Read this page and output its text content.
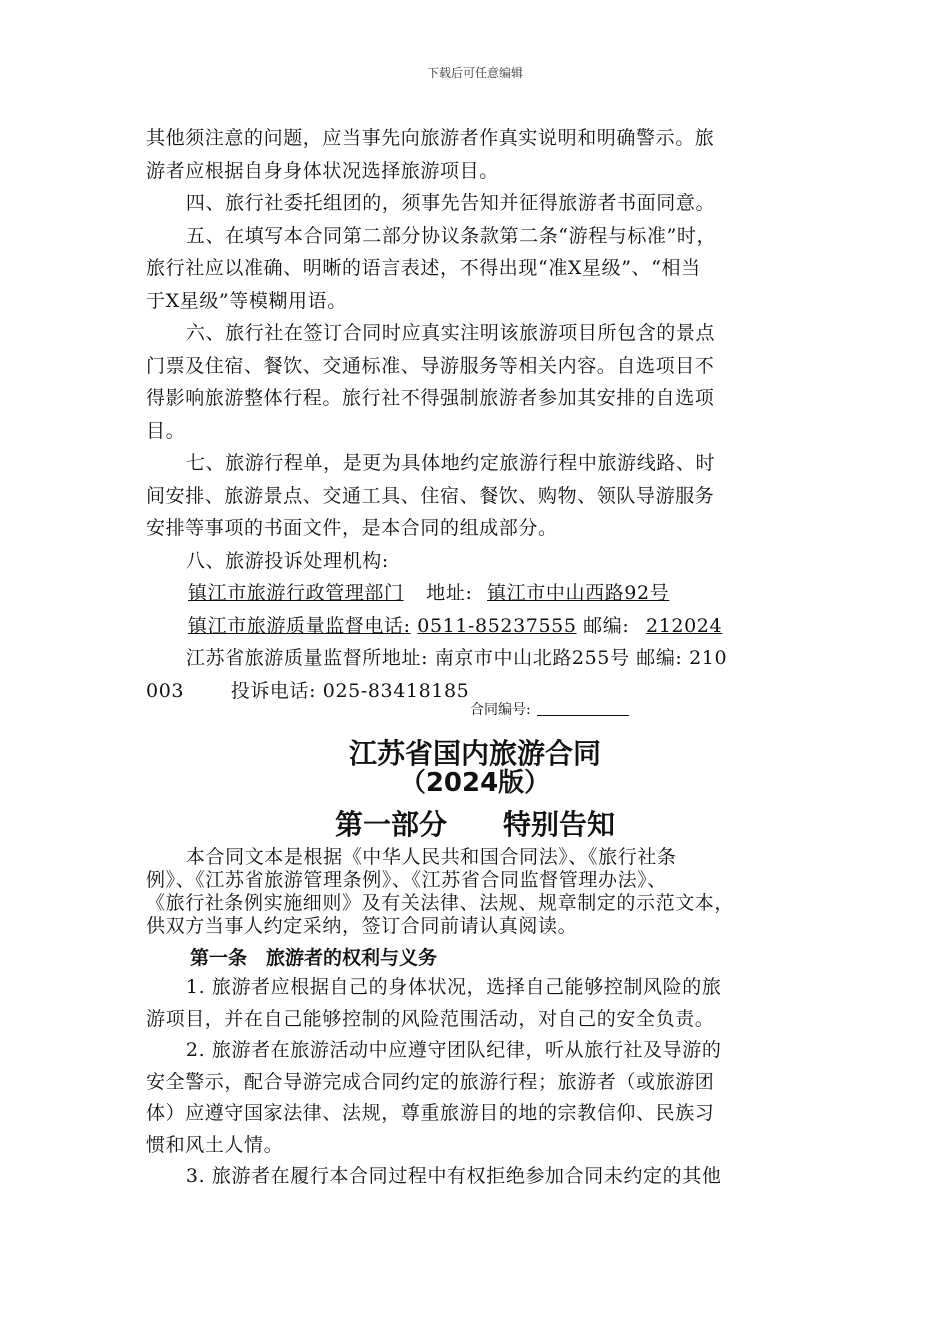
下载后可任意编辑

其他须注意的问题，应当事先向旅游者作真实说明和明确警示。旅

游者应根据自身身体状况选择旅游项目。

四、旅行社委托组团的，须事先告知并征得旅游者书面同意。

五、在填写本合同第二部分协议条款第二条“游程与标准”时，

旅行社应以准确、明晰的语言表述，不得出现“准X星级”、“相当

于X星级”等模糊用语。

六、旅行社在签订合同时应真实注明该旅游项目所包含的景点

门票及住宿、餐饮、交通标准、导游服务等相关内容。自选项目不

得影响旅游整体行程。旅行社不得强制旅游者参加其安排的自选项

目。

七、旅游行程单，是更为具体地约定旅游行程中旅游线路、时

间安排、旅游景点、交通工具、住宿、餐饮、购物、领队导游服务

安排等事项的书面文件，是本合同的组成部分。

八、旅游投诉处理机构:

镇江市旅游行政管理部门 地址: 镇江市中山西路92号

镇江市旅游质量监督电话: 0511-85237555 邮编: 212024

江苏省旅游质量监督所地址: 南京市中山北路255号 邮编: 210

003 投诉电话: 025-83418185

合同编号:
江苏省国内旅游合同
（2024版）
第一部分　　特别告知

本合同文本是根据《中华人民共和国合同法》、《旅行社条

例》、《江苏省旅游管理条例》、《江苏省合同监督管理办法》、

《旅行社条例实施细则》及有关法律、法规、规章制定的示范文本，

供双方当事人约定采纳，签订合同前请认真阅读。

第一条　旅游者的权利与义务

1. 旅游者应根据自己的身体状况，选择自己能够控制风险的旅

游项目，并在自己能够控制的风险范围活动，对自己的安全负责。

2. 旅游者在旅游活动中应遵守团队纪律，听从旅行社及导游的

安全警示，配合导游完成合同约定的旅游行程；旅游者（或旅游团

体）应遵守国家法律、法规，尊重旅游目的地的宗教信仰、民族习

惯和风土人情。

3. 旅游者在履行本合同过程中有权拒绝参加合同未约定的其他
